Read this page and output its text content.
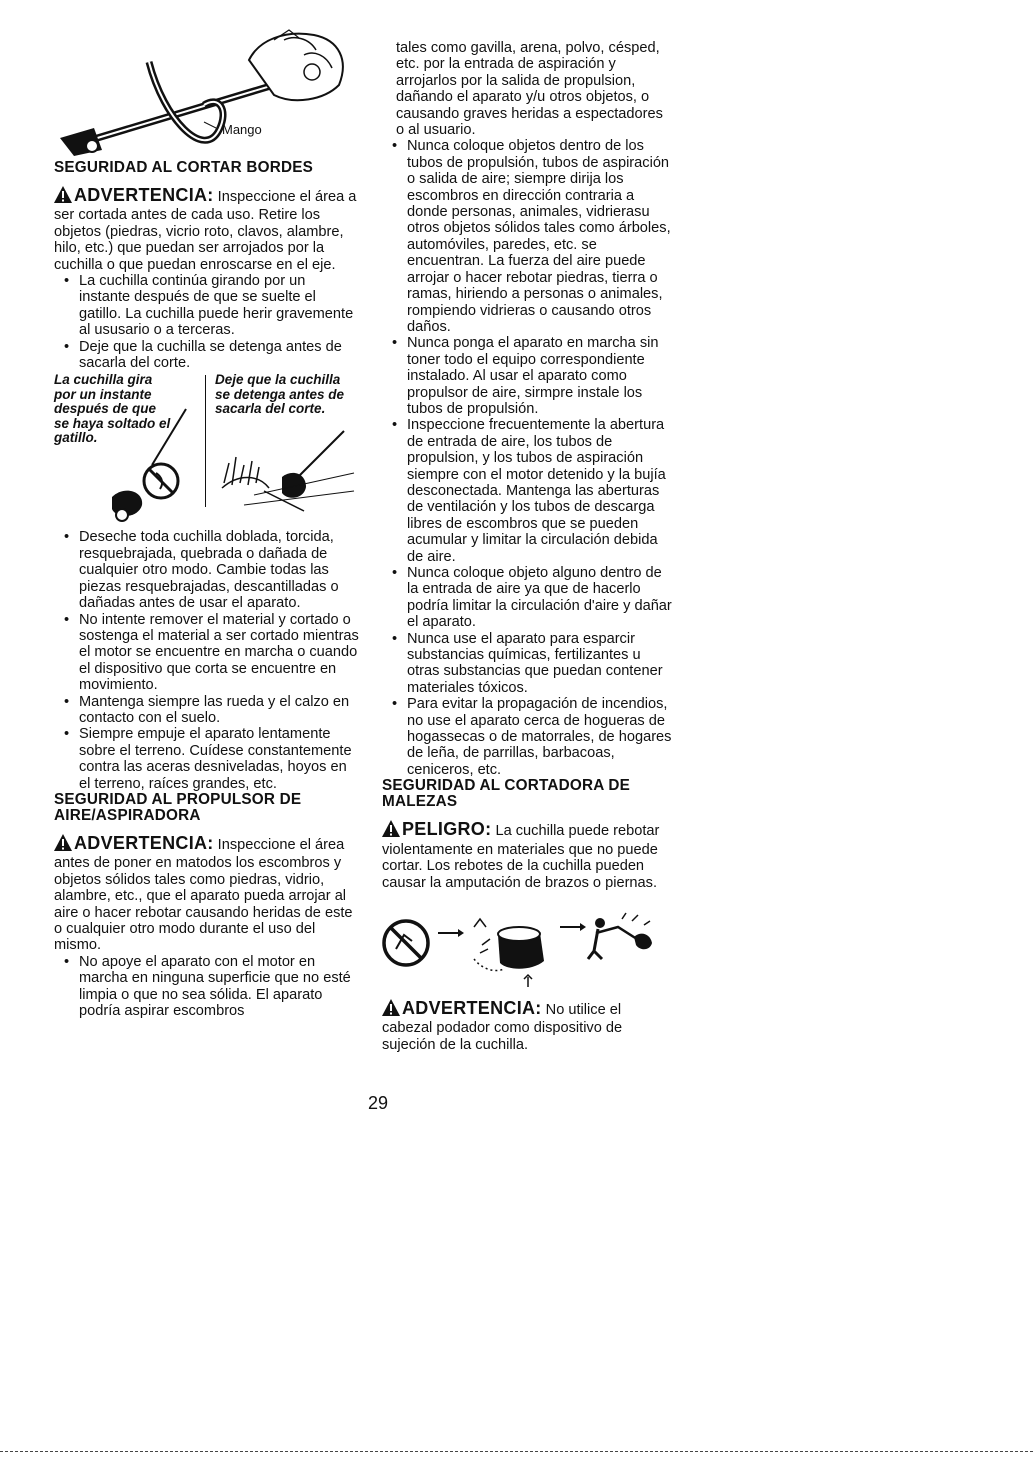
Mango
SEGURIDAD AL CORTAR BORDES

ADVERTENCIA: Inspeccione el área a ser cortada antes de cada uso. Retire los objetos (piedras, vicrio roto, clavos, alambre, hilo, etc.) que puedan ser arrojados por la cuchilla o que puedan enroscarse en el eje.

• La cuchilla continúa girando por un instante después de que se suelte el gatillo. La cuchilla puede herir gravemente al ususario o a terceras.
• Deje que la cuchilla se detenga antes de sacarla del corte.
La cuchilla gira por un instante después de que se haya soltado el gatillo.
Deje que la cuchilla se detenga antes de sacarla del corte.
• Deseche toda cuchilla doblada, torcida, resquebrajada, quebrada o dañada de cualquier otro modo. Cambie todas las piezas resquebrajadas, descantilladas o dañadas antes de usar el aparato.
• No intente remover el material y cortado o sostenga el material a ser cortado mientras el motor se encuentre en marcha o cuando el dispositivo que corta se encuentre en movimiento.
• Mantenga siempre las rueda y el calzo en contacto con el suelo.
• Siempre empuje el aparato lentamente sobre el terreno. Cuídese constantemente contra las aceras desniveladas, hoyos en el terreno, raíces grandes, etc.
SEGURIDAD AL PROPULSOR DE AIRE/ASPIRADORA

ADVERTENCIA: Inspeccione el área antes de poner en matodos los escombros y objetos sólidos tales como piedras, vidrio, alambre, etc., que el aparato pueda arrojar al aire o hacer rebotar causando heridas de este o cualquier otro modo durante el uso del mismo.

• No apoye el aparato con el motor en marcha en ninguna superficie que no esté limpia o que no sea sólida. El aparato podría aspirar escombros

tales como gavilla, arena, polvo, césped, etc. por la entrada de aspiración y arrojarlos por la salida de propulsion, dañando el aparato y/u otros objetos, o causando graves heridas a espectadores o al usuario.

• Nunca coloque objetos dentro de los tubos de propulsión, tubos de aspiración o salida de aire; siempre dirija los escombros en dirección contraria a donde personas, animales, vidrierasu otros objetos sólidos tales como árboles, automóviles, paredes, etc. se encuentran. La fuerza del aire puede arrojar o hacer rebotar piedras, tierra o ramas, hiriendo a personas o animales, rompiendo vidrieras o causando otros daños.
• Nunca ponga el aparato en marcha sin toner todo el equipo correspondiente instalado. Al usar el aparato como propulsor de aire, sirmpre instale los tubos de propulsión.
• Inspeccione frecuentemente la abertura de entrada de aire, los tubos de propulsion, y los tubos de aspiración siempre con el motor detenido y la bujía desconectada. Mantenga las aberturas de ventilación y los tubos de descarga libres de escombros que se pueden acumular y limitar la circulación debida de aire.
• Nunca coloque objeto alguno dentro de la entrada de aire ya que de hacerlo podría limitar la circulación d'aire y dañar el aparato.
• Nunca use el aparato para esparcir substancias químicas, fertilizantes u otras substancias que puedan contener materiales tóxicos.
• Para evitar la propagación de incendios, no use el aparato cerca de hogueras de hogassecas o de matorrales, de hogares de leña, de parrillas, barbacoas, ceniceros, etc.
SEGURIDAD AL CORTADORA DE MALEZAS

PELIGRO: La cuchilla puede rebotar violentamente en materiales que no puede cortar. Los rebotes de la cuchilla pueden causar la amputación de brazos o piernas.

ADVERTENCIA: No utilice el cabezal podador como dispositivo de sujeción de la cuchilla.

29
